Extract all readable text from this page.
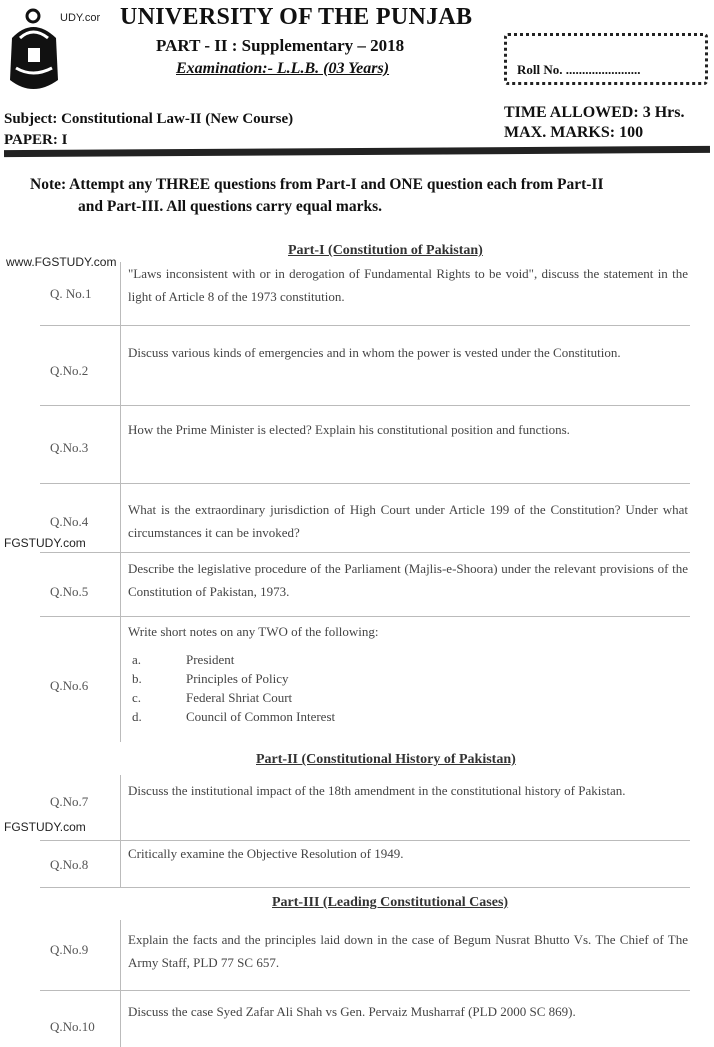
UDY.cor UNIVERSITY OF THE PUNJAB
PART - II : Supplementary – 2018
Examination:- L.L.B. (03 Years)	Roll No. .......................
Subject: Constitutional Law-II (New Course)
PAPER: I
TIME ALLOWED: 3 Hrs.
MAX. MARKS: 100
Note: Attempt any THREE questions from Part-I and ONE question each from Part-II
and Part-III. All questions carry equal marks.
Part-I (Constitution of Pakistan)
Part-II (Constitutional History of Pakistan)
Part-III (Leading Constitutional Cases)
www.FGSTUDY.com
FGSTUDY.com
FGSTUDY.com
Q. No.1
"Laws inconsistent with or in derogation of Fundamental Rights to be void", discuss the statement in the light of Article 8 of the 1973 constitution.
Q.No.2
Discuss various kinds of emergencies and in whom the power is vested under the Constitution.
Q.No.3
How the Prime Minister is elected? Explain his constitutional position and functions.
Q.No.4
What is the extraordinary jurisdiction of High Court under Article 199 of the Constitution? Under what circumstances it can be invoked?
Q.No.5
Describe the legislative procedure of the Parliament (Majlis-e-Shoora) under the relevant provisions of the Constitution of Pakistan, 1973.
Q.No.6
Write short notes on any TWO of the following:
a.	President
b.	Principles of Policy
c.	Federal Shriat Court
d.	Council of Common Interest
Q.No.7
Discuss the institutional impact of the 18th amendment in the constitutional history of Pakistan.
Q.No.8
Critically examine the Objective Resolution of 1949.
Q.No.9
Explain the facts and the principles laid down in the case of Begum Nusrat Bhutto Vs. The Chief of The Army Staff, PLD 77 SC 657.
Q.No.10
Discuss the case Syed Zafar Ali Shah vs Gen. Pervaiz Musharraf (PLD 2000 SC 869).
